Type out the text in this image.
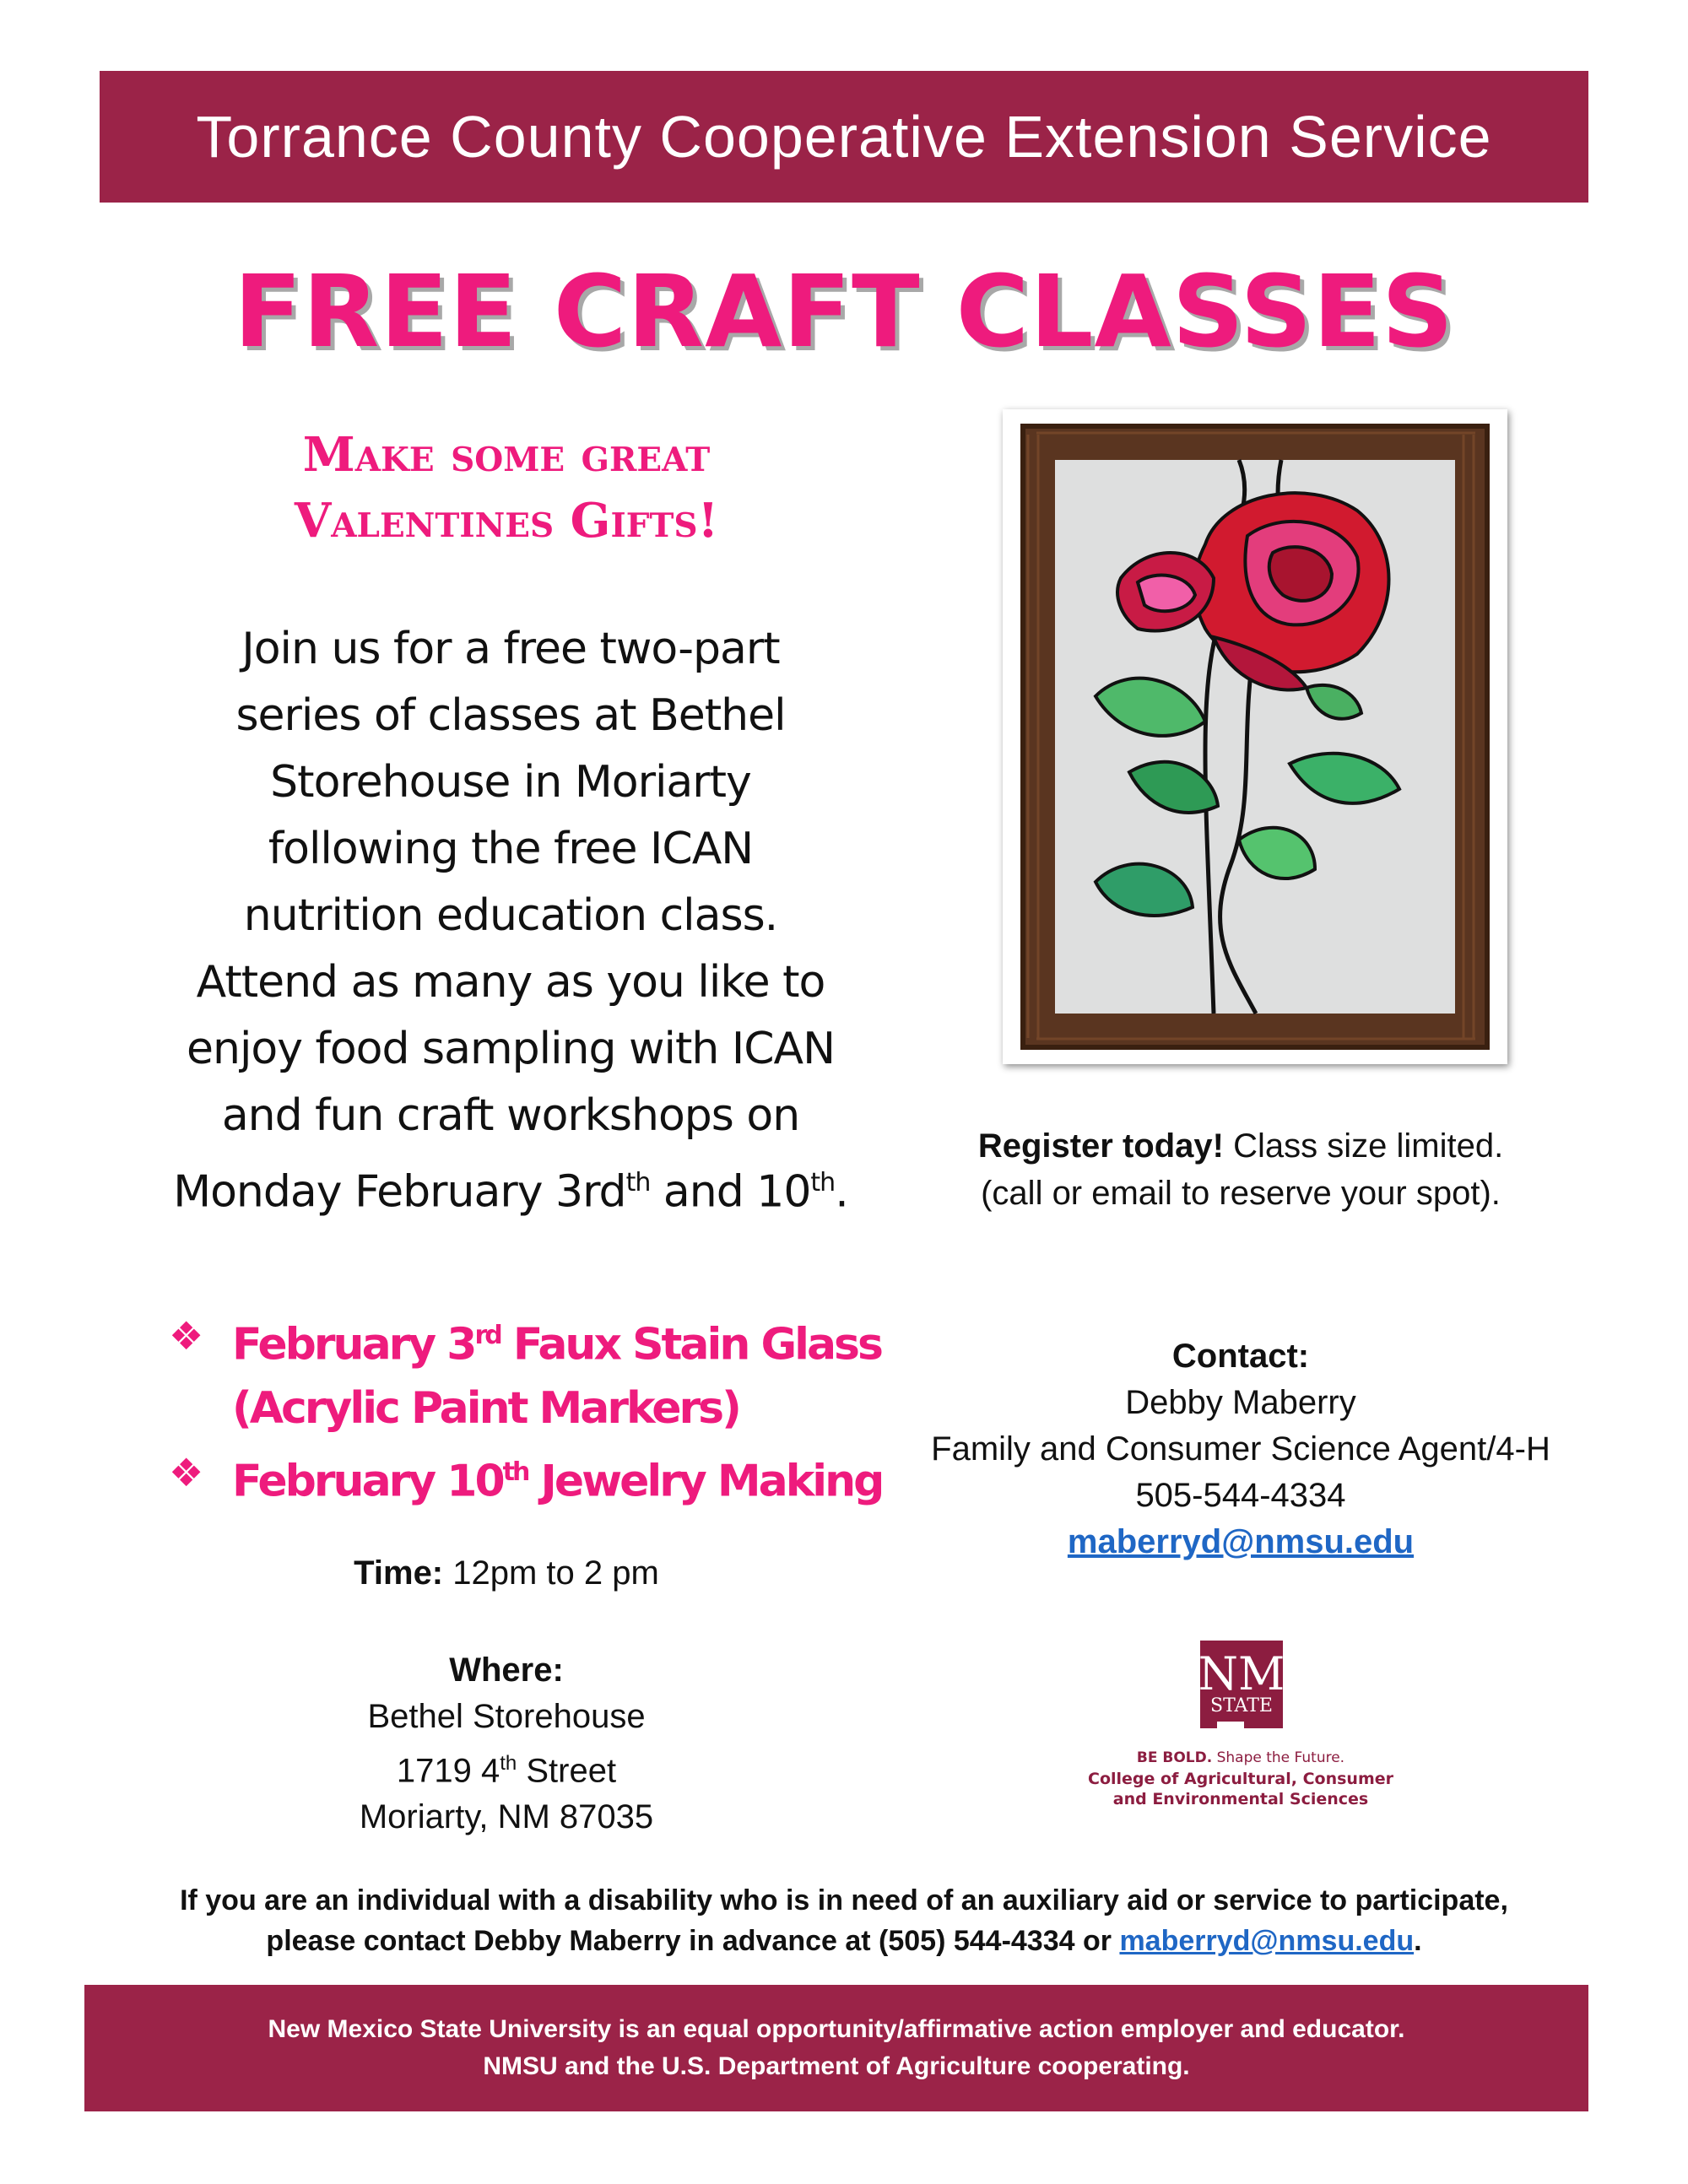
Torrance County Cooperative Extension Service
FREE CRAFT CLASSES
Make some great
Valentines Gifts!
Join us for a free two-part
series of classes at Bethel
Storehouse in Moriarty
following the free ICAN
nutrition education class.
Attend as many as you like to
enjoy food sampling with ICAN
and fun craft workshops on
Monday February $3rd^{th}$ and 10th.
❖ February 3rd Faux Stain Glass
(Acrylic Paint Markers)
❖ February 10th Jewelry Making
Time: 12pm to 2 pm
Where:
Bethel Storehouse
1719 4th Street
Moriarty, NM 87035
Register today! Class size limited.
(call or email to reserve your spot).
Contact:
Debby Maberry
Family and Consumer Science Agent/4-H
505-544-4334
maberryd@nmsu.edu
NM
STATE
BE BOLD. Shape the Future.
College of Agricultural, Consumer
and Environmental Sciences
If you are an individual with a disability who is in need of an auxiliary aid or service to participate,
please contact Debby Maberry in advance at (505) 544-4334 or maberryd@nmsu.edu.
New Mexico State University is an equal opportunity/affirmative action employer and educator.
NMSU and the U.S. Department of Agriculture cooperating.
